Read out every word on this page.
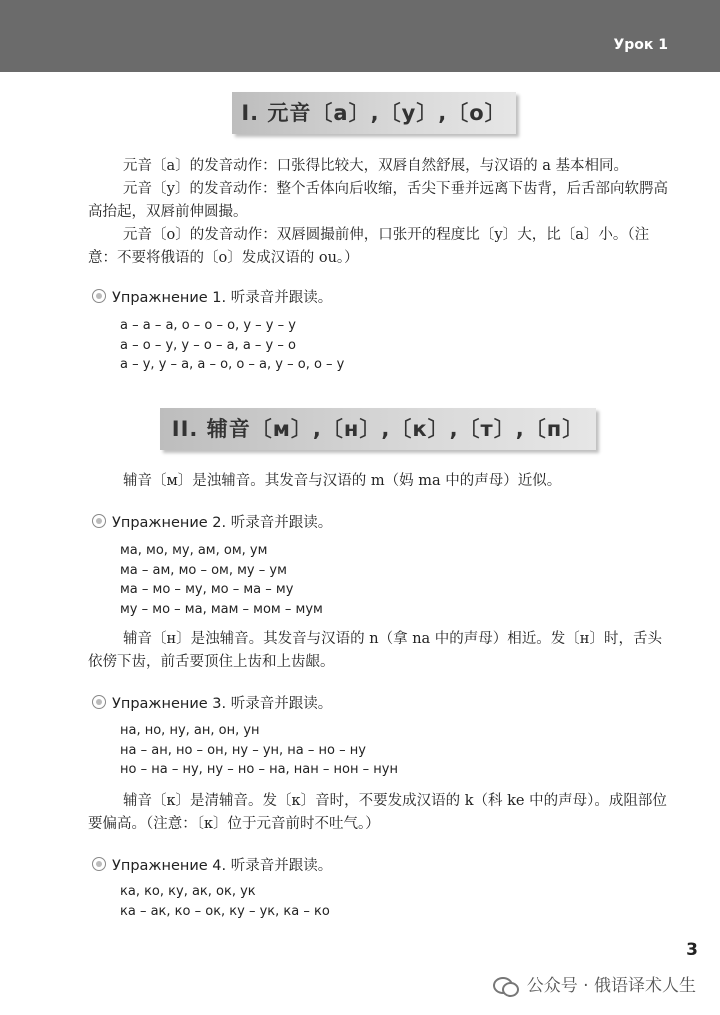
Урок 1
I. 元音〔а〕,〔у〕,〔о〕

元音〔а〕的发音动作：口张得比较大，双唇自然舒展，与汉语的 a 基本相同。
元音〔у〕的发音动作：整个舌体向后收缩，舌尖下垂并远离下齿背，后舌部向软腭高高抬起，双唇前伸圆撮。
元音〔о〕的发音动作：双唇圆撮前伸，口张开的程度比〔у〕大，比〔а〕小。（注意：不要将俄语的〔о〕发成汉语的 ou。）

Упражнение 1. 听录音并跟读。
а – а – а, о – о – о, у – у – у
а – о – у, у – о – а, а – у – о
а – у, у – а, а – о, о – а, у – о, о – у
II. 辅音〔м〕,〔н〕,〔к〕,〔т〕,〔п〕

辅音〔м〕是浊辅音。其发音与汉语的 m（妈 ma 中的声母）近似。

Упражнение 2. 听录音并跟读。
ма, мо, му, ам, ом, ум
ма – ам, мо – ом, му – ум
ма – мо – му, мо – ма – му
му – мо – ма, мам – мом – мум

辅音〔н〕是浊辅音。其发音与汉语的 n（拿 na 中的声母）相近。发〔н〕时，舌头依傍下齿，前舌要顶住上齿和上齿龈。

Упражнение 3. 听录音并跟读。
на, но, ну, ан, он, ун
на – ан, но – он, ну – ун, на – но – ну
но – на – ну, ну – но – на, нан – нон – нун

辅音〔к〕是清辅音。发〔к〕音时，不要发成汉语的 k（科 ke 中的声母）。成阻部位要偏高。（注意：〔к〕位于元音前时不吐气。）

Упражнение 4. 听录音并跟读。
ка, ко, ку, ак, ок, ук
ка – ак, ко – ок, ку – ук, ка – ко
3
公众号 · 俄语译术人生
